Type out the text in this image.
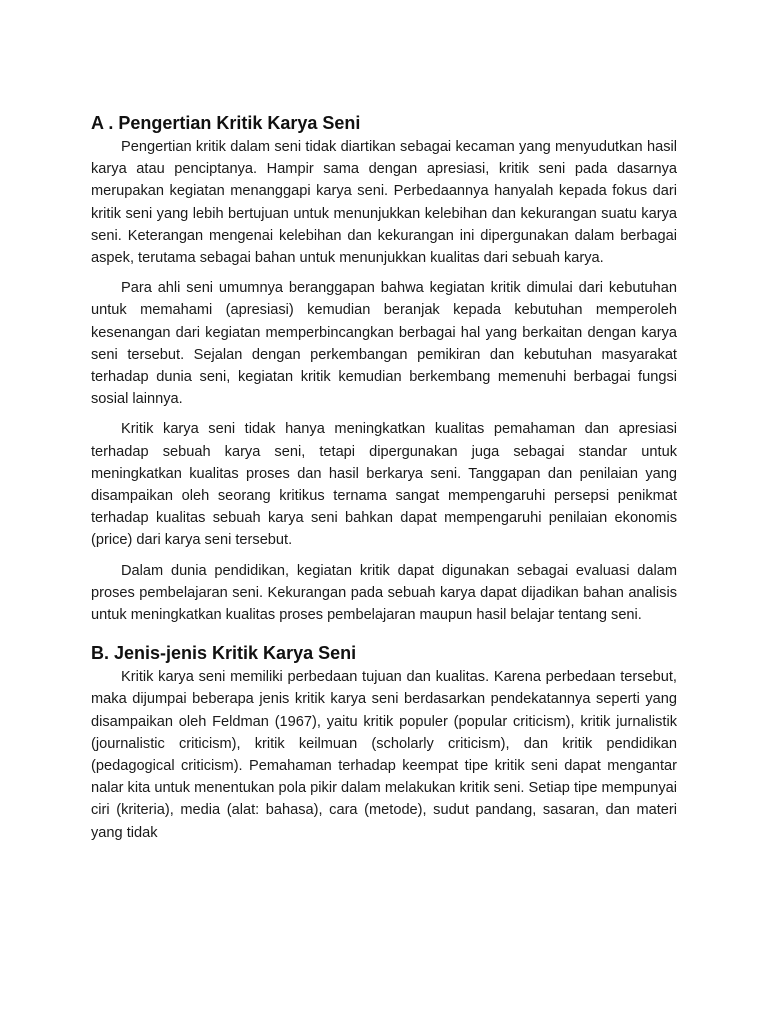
A . Pengertian Kritik Karya Seni

Pengertian kritik dalam seni tidak diartikan sebagai kecaman yang menyudutkan hasil karya atau penciptanya. Hampir sama dengan apresiasi, kritik seni pada dasarnya merupakan kegiatan menanggapi karya seni. Perbedaannya hanyalah kepada fokus dari kritik seni yang lebih bertujuan untuk menunjukkan kelebihan dan kekurangan suatu karya seni. Keterangan mengenai kelebihan dan kekurangan ini dipergunakan dalam berbagai aspek, terutama sebagai bahan untuk menunjukkan kualitas dari sebuah karya.

Para ahli seni umumnya beranggapan bahwa kegiatan kritik dimulai dari kebutuhan untuk memahami (apresiasi) kemudian beranjak kepada kebutuhan memperoleh kesenangan dari kegiatan memperbincangkan berbagai hal yang berkaitan dengan karya seni tersebut. Sejalan dengan perkembangan pemikiran dan kebutuhan masyarakat terhadap dunia seni, kegiatan kritik kemudian berkembang memenuhi berbagai fungsi sosial lainnya.

Kritik karya seni tidak hanya meningkatkan kualitas pemahaman dan apresiasi terhadap sebuah karya seni, tetapi dipergunakan juga sebagai standar untuk meningkatkan kualitas proses dan hasil berkarya seni. Tanggapan dan penilaian yang disampaikan oleh seorang kritikus ternama sangat mempengaruhi persepsi penikmat terhadap kualitas sebuah karya seni bahkan dapat mempengaruhi penilaian ekonomis (price) dari karya seni tersebut.

Dalam dunia pendidikan, kegiatan kritik dapat digunakan sebagai evaluasi dalam proses pembelajaran seni. Kekurangan pada sebuah karya dapat dijadikan bahan analisis untuk meningkatkan kualitas proses pembelajaran maupun hasil belajar tentang seni.

B. Jenis-jenis Kritik Karya Seni

Kritik karya seni memiliki perbedaan tujuan dan kualitas. Karena perbedaan tersebut, maka dijumpai beberapa jenis kritik karya seni berdasarkan pendekatannya seperti yang disampaikan oleh Feldman (1967), yaitu kritik populer (popular criticism), kritik jurnalistik (journalistic criticism), kritik keilmuan (scholarly criticism), dan kritik pendidikan (pedagogical criticism). Pemahaman terhadap keempat tipe kritik seni dapat mengantar nalar kita untuk menentukan pola pikir dalam melakukan kritik seni. Setiap tipe mempunyai ciri (kriteria), media (alat: bahasa), cara (metode), sudut pandang, sasaran, dan materi yang tidak
